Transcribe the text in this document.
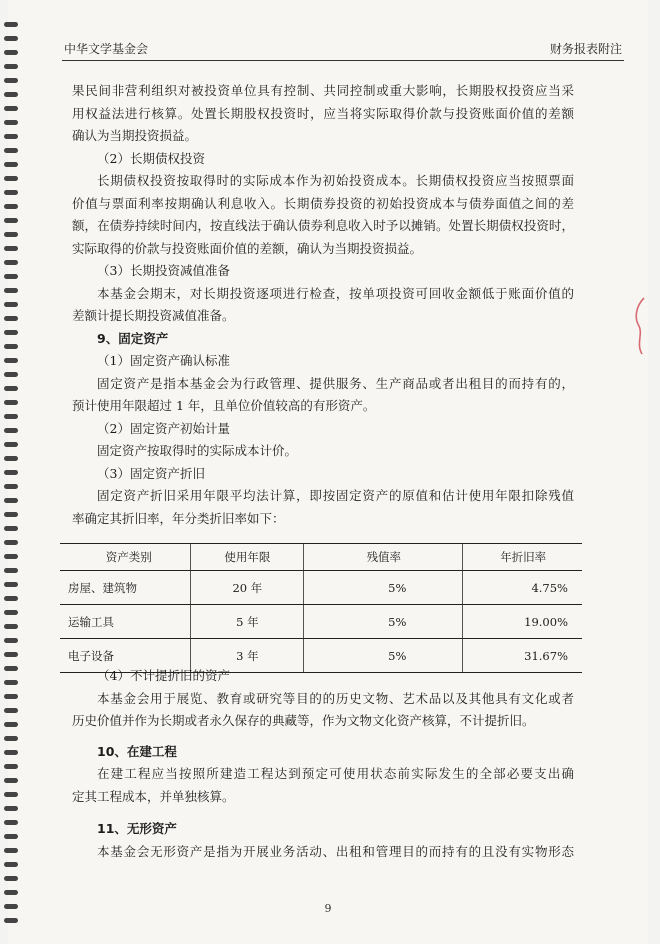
中华文学基金会	财务报表附注
果民间非营利组织对被投资单位具有控制、共同控制或重大影响，长期股权投资应当采
用权益法进行核算。处置长期股权投资时，应当将实际取得价款与投资账面价值的差额
确认为当期投资损益。
（2）长期债权投资
长期债权投资按取得时的实际成本作为初始投资成本。长期债权投资应当按照票面
价值与票面利率按期确认利息收入。长期债券投资的初始投资成本与债券面值之间的差
额，在债券持续时间内，按直线法于确认债券利息收入时予以摊销。处置长期债权投资时，
实际取得的价款与投资账面价值的差额，确认为当期投资损益。
（3）长期投资减值准备
本基金会期末，对长期投资逐项进行检查，按单项投资可回收金额低于账面价值的
差额计提长期投资减值准备。
9、固定资产
（1）固定资产确认标准
固定资产是指本基金会为行政管理、提供服务、生产商品或者出租目的而持有的，
预计使用年限超过 1 年，且单位价值较高的有形资产。
（2）固定资产初始计量
固定资产按取得时的实际成本计价。
（3）固定资产折旧
固定资产折旧采用年限平均法计算，即按固定资产的原值和估计使用年限扣除残值
率确定其折旧率，年分类折旧率如下：
资产类别	使用年限	残值率	年折旧率
房屋、建筑物	20 年	5%	4.75%
运输工具	5 年	5%	19.00%
电子设备	3 年	5%	31.67%
（4）不计提折旧的资产
本基金会用于展览、教育或研究等目的的历史文物、艺术品以及其他具有文化或者
历史价值并作为长期或者永久保存的典藏等，作为文物文化资产核算，不计提折旧。
10、在建工程
在建工程应当按照所建造工程达到预定可使用状态前实际发生的全部必要支出确
定其工程成本，并单独核算。
11、无形资产
本基金会无形资产是指为开展业务活动、出租和管理目的而持有的且没有实物形态
9
